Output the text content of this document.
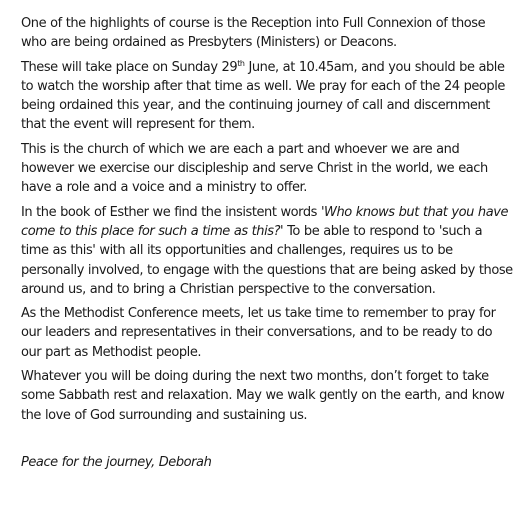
One of the highlights of course is the Reception into Full Connexion of those who are being ordained as Presbyters (Ministers) or Deacons.

These will take place on Sunday 29th June, at 10.45am, and you should be able to watch the worship after that time as well. We pray for each of the 24 people being ordained this year, and the continuing journey of call and discernment that the event will represent for them.

This is the church of which we are each a part and whoever we are and however we exercise our discipleship and serve Christ in the world, we each have a role and a voice and a ministry to offer.

In the book of Esther we find the insistent words 'Who knows but that you have come to this place for such a time as this?' To be able to respond to 'such a time as this' with all its opportunities and challenges, requires us to be personally involved, to engage with the questions that are being asked by those around us, and to bring a Christian perspective to the conversation.

As the Methodist Conference meets, let us take time to remember to pray for our leaders and representatives in their conversations, and to be ready to do our part as Methodist people.

Whatever you will be doing during the next two months, don’t forget to take some Sabbath rest and relaxation. May we walk gently on the earth, and know the love of God surrounding and sustaining us.

Peace for the journey, Deborah
